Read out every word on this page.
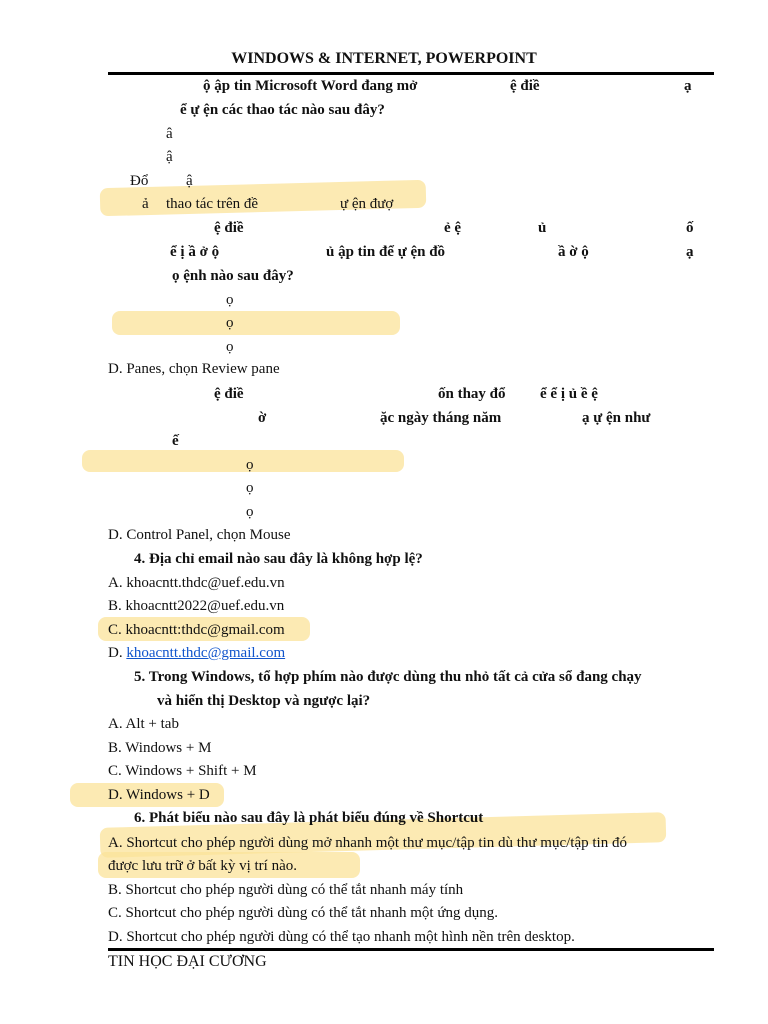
WINDOWS & INTERNET, POWERPOINT
ộ ập tin Microsoft Word đang mở	ệ điề	ạ
ể ự ện các thao tác nào sau đây?
â
ậ
Đổ	ậ
ả thao tác trên đề	ự ện đượ
ệ điề	ẻ ệ	ủ	ố
ể ị ầ ở ộ	ủ ập tin để ự ện đồ	ầ ờ ộ	ạ
ọ ệnh nào sau đây?
ọ
ọ
ọ
D. Panes, chọn Review pane
ệ điề	ốn thay đổ ể ể ị ủ ề ệ
ờ	ặc ngày tháng năm	ạ ự ện như
ế
ọ
ọ
ọ
D. Control Panel, chọn Mouse
4. Địa chỉ email nào sau đây là không hợp lệ?
A. khoacntt.thdc@uef.edu.vn
B. khoacntt2022@uef.edu.vn
C. khoacntt:thdc@gmail.com
D. khoacntt.thdc@gmail.com
5. Trong Windows, tổ hợp phím nào được dùng thu nhỏ tất cả cửa sổ đang chạy
và hiển thị Desktop và ngược lại?
A. Alt + tab
B. Windows + M
C. Windows + Shift + M
D. Windows + D
6. Phát biểu nào sau đây là phát biểu đúng về Shortcut
A. Shortcut cho phép người dùng mở nhanh một thư mục/tập tin dù thư mục/tập tin đó
được lưu trữ ở bất kỳ vị trí nào.
B. Shortcut cho phép người dùng có thể tắt nhanh máy tính
C. Shortcut cho phép người dùng có thể tắt nhanh một ứng dụng.
D. Shortcut cho phép người dùng có thể tạo nhanh một hình nền trên desktop.
TIN HỌC ĐẠI CƯƠNG
